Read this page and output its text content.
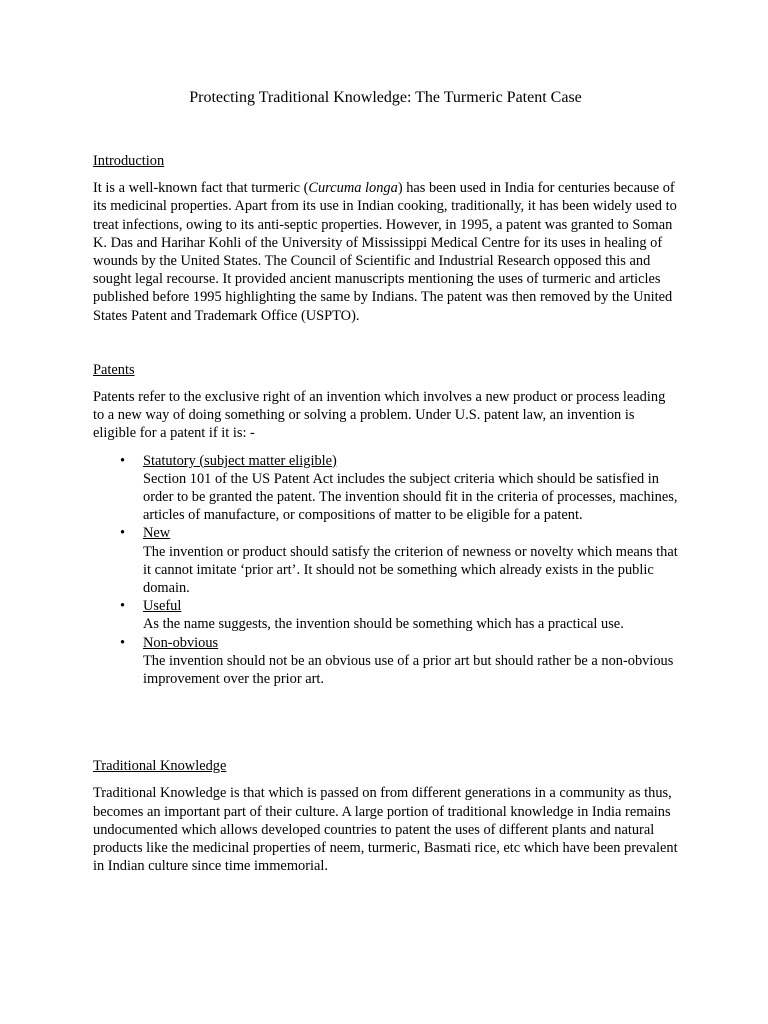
Protecting Traditional Knowledge: The Turmeric Patent Case
Introduction

It is a well-known fact that turmeric (Curcuma longa) has been used in India for centuries because of its medicinal properties. Apart from its use in Indian cooking, traditionally, it has been widely used to treat infections, owing to its anti-septic properties. However, in 1995, a patent was granted to Soman K. Das and Harihar Kohli of the University of Mississippi Medical Centre for its uses in healing of wounds by the United States. The Council of Scientific and Industrial Research opposed this and sought legal recourse. It provided ancient manuscripts mentioning the uses of turmeric and articles published before 1995 highlighting the same by Indians. The patent was then removed by the United States Patent and Trademark Office (USPTO).

Patents

Patents refer to the exclusive right of an invention which involves a new product or process leading to a new way of doing something or solving a problem. Under U.S. patent law, an invention is eligible for a patent if it is: -

• Statutory (subject matter eligible)
Section 101 of the US Patent Act includes the subject criteria which should be satisfied in order to be granted the patent. The invention should fit in the criteria of processes, machines, articles of manufacture, or compositions of matter to be eligible for a patent.
• New
The invention or product should satisfy the criterion of newness or novelty which means that it cannot imitate ‘prior art’. It should not be something which already exists in the public domain.
• Useful
As the name suggests, the invention should be something which has a practical use.
• Non-obvious
The invention should not be an obvious use of a prior art but should rather be a non-obvious improvement over the prior art.
Traditional Knowledge

Traditional Knowledge is that which is passed on from different generations in a community as thus, becomes an important part of their culture. A large portion of traditional knowledge in India remains undocumented which allows developed countries to patent the uses of different plants and natural products like the medicinal properties of neem, turmeric, Basmati rice, etc which have been prevalent in Indian culture since time immemorial.
